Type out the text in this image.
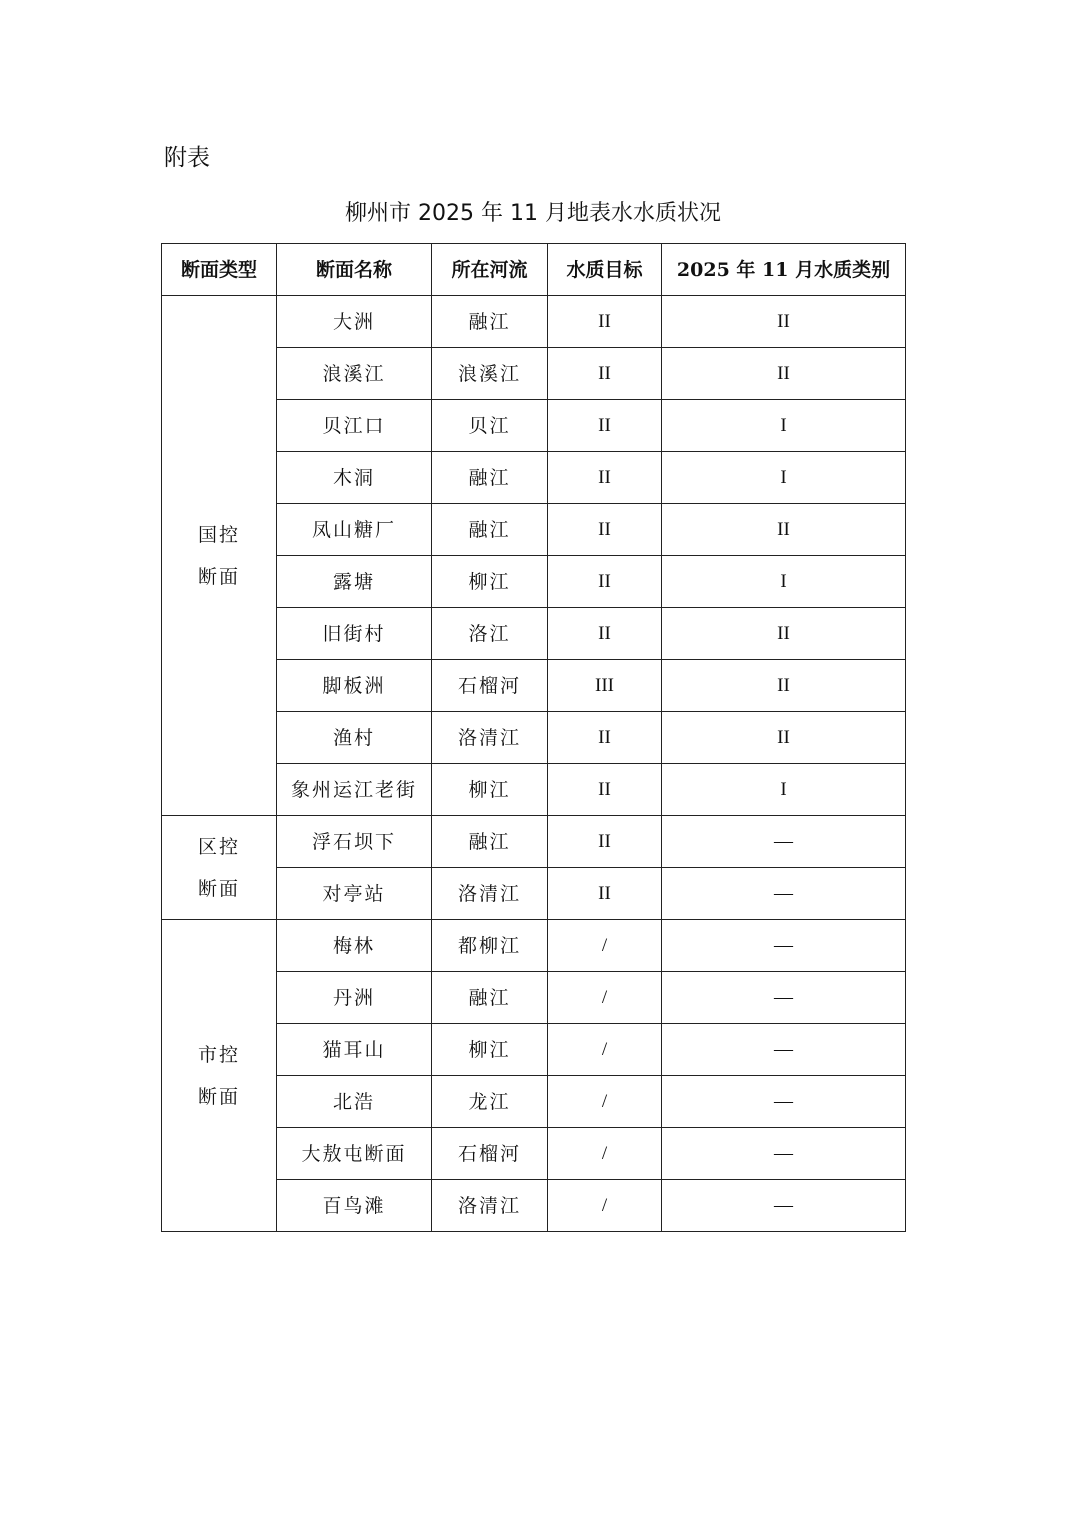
附表
柳州市 2025 年 11 月地表水水质状况
断面类型	断面名称	所在河流	水质目标	2025 年 11 月水质类别

国控
断面	大洲	融江	II	II
	浪溪江	浪溪江	II	II
	贝江口	贝江	II	I
	木洞	融江	II	I
	凤山糖厂	融江	II	II
	露塘	柳江	II	I
	旧街村	洛江	II	II
	脚板洲	石榴河	III	II
	渔村	洛清江	II	II
	象州运江老街	柳江	II	I

区控
断面	浮石坝下	融江	II	—
	对亭站	洛清江	II	—

市控
断面	梅林	都柳江	/	—
	丹洲	融江	/	—
	猫耳山	柳江	/	—
	北浩	龙江	/	—
	大敖屯断面	石榴河	/	—
	百鸟滩	洛清江	/	—
